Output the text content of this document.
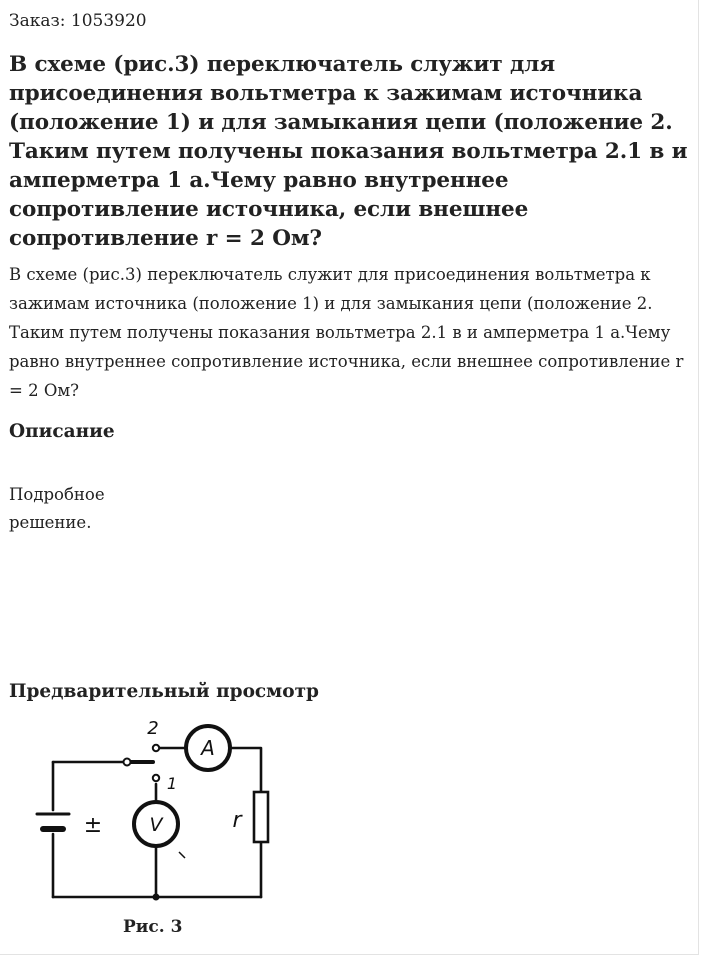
Заказ: 1053920
В схеме (рис.3) переключатель служит для присоединения вольтметра к зажимам источника (положение 1) и для замыкания цепи (положение 2. Таким путем получены показания вольтметра 2.1 в и амперметра 1 а.Чему равно внутреннее сопротивление источника, если внешнее сопротивление r = 2 Ом?

В схеме (рис.3) переключатель служит для присоединения вольтметра к зажимам источника (положение 1) и для замыкания цепи (положение 2. Таким путем получены показания вольтметра 2.1 в и амперметра 1 а.Чему равно внутреннее сопротивление источника, если внешнее сопротивление r = 2 Ом?

Описание

Подробное
решение.

Предварительный просмотр
A
V
2
1
±	r
Рис. 3
